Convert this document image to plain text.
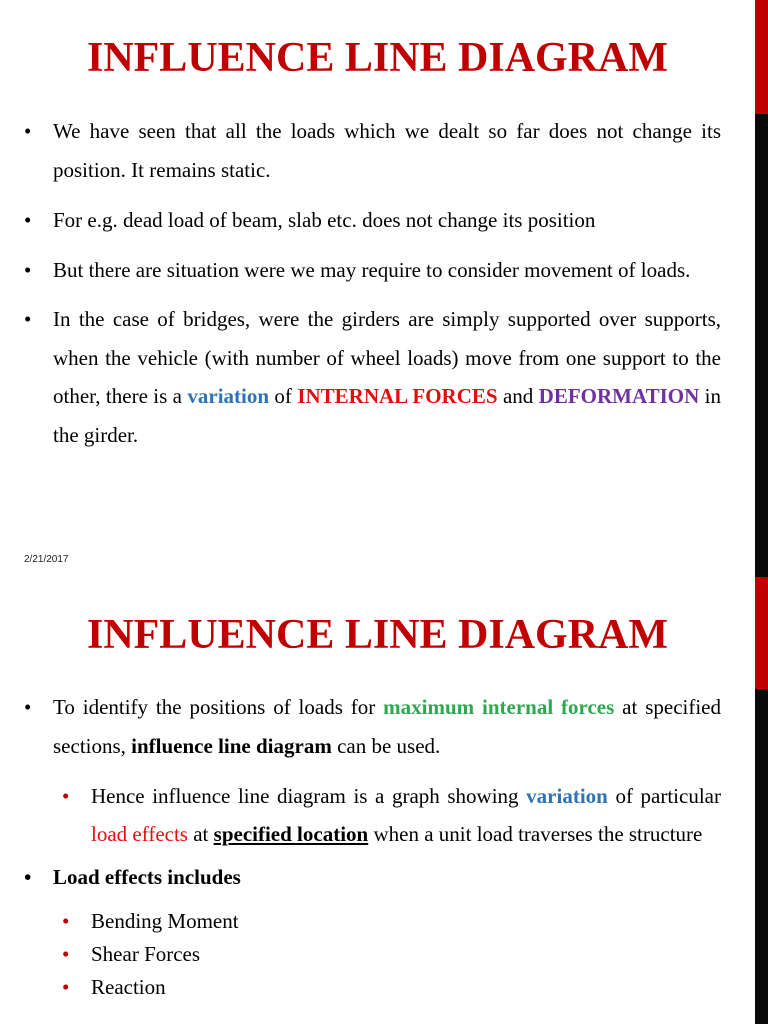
INFLUENCE LINE DIAGRAM
• We have seen that all the loads which we dealt so far does not change its position. It remains static.
• For e.g. dead load of beam, slab etc. does not change its position
• But there are situation were we may require to consider movement of loads.
• In the case of bridges, were the girders are simply supported over supports, when the vehicle (with number of wheel loads) move from one support to the other, there is a variation of INTERNAL FORCES and DEFORMATION in the girder.
2/21/2017
INFLUENCE LINE DIAGRAM
• To identify the positions of loads for maximum internal forces at specified sections, influence line diagram can be used.
• Hence influence line diagram is a graph showing variation of particular load effects at specified location when a unit load traverses the structure
• Load effects includes
• Bending Moment
• Shear Forces
• Reaction
